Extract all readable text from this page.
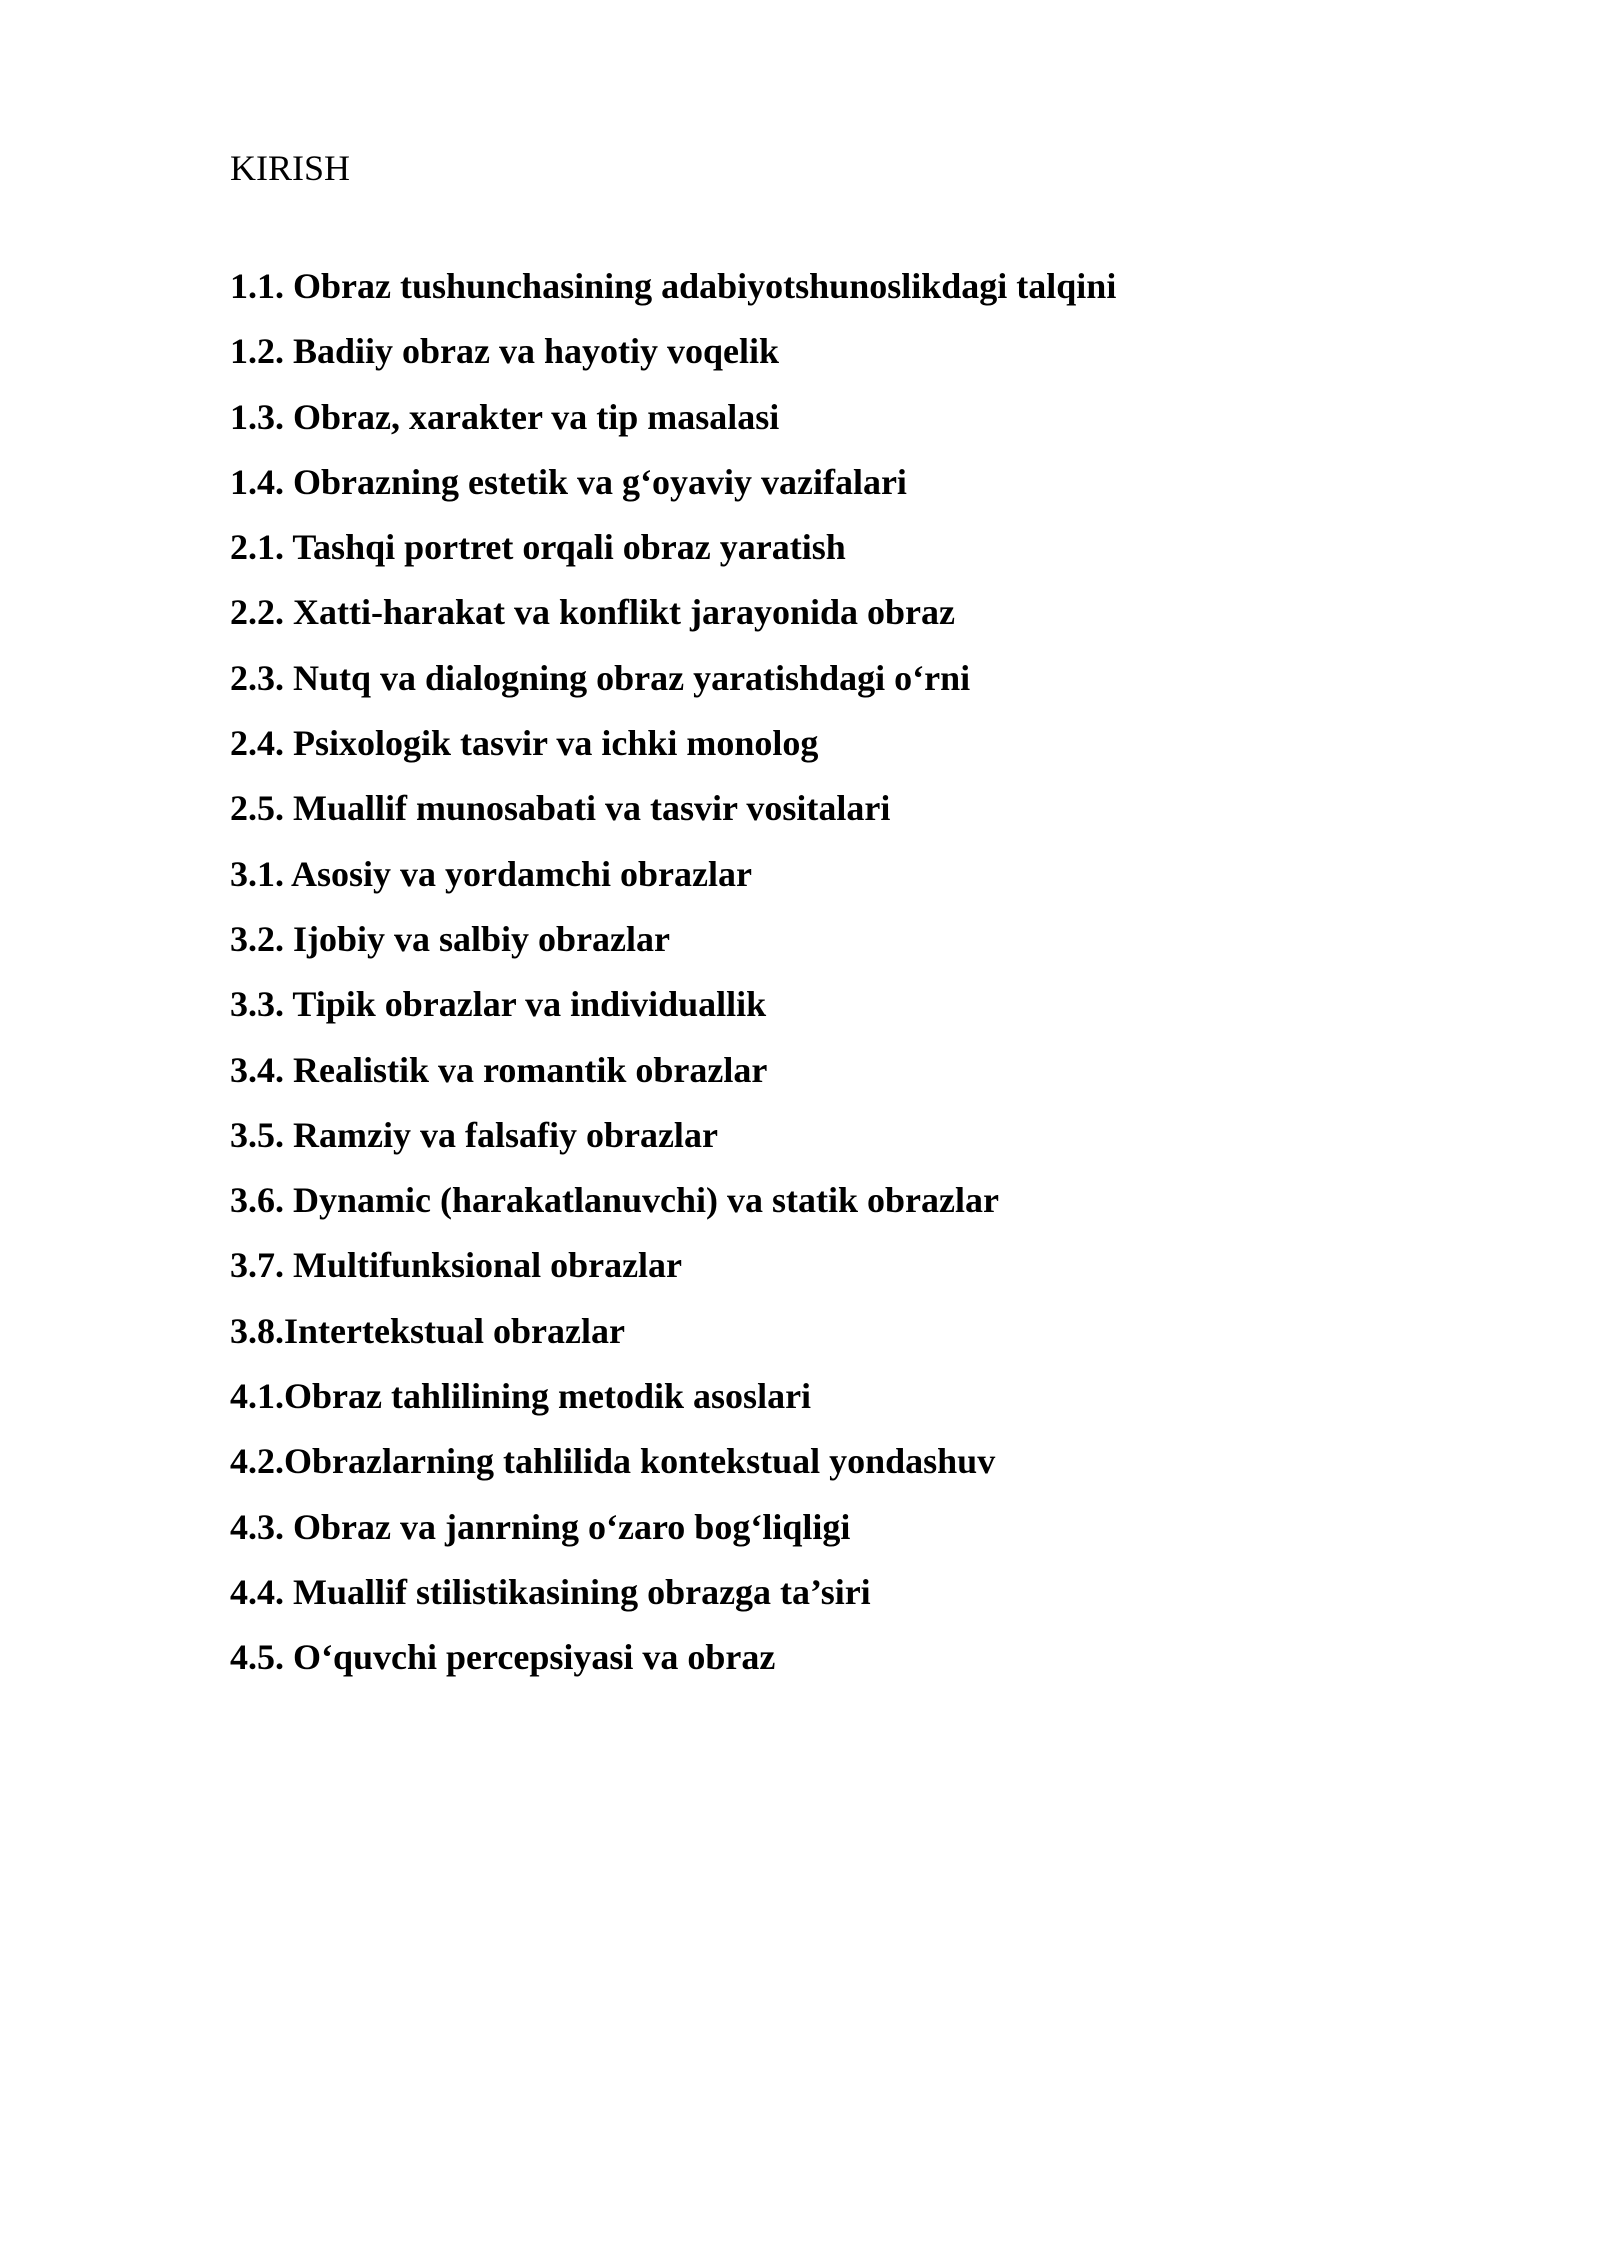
KIRISH
1.1. Obraz tushunchasining adabiyotshunoslikdagi talqini
1.2. Badiiy obraz va hayotiy voqelik
1.3. Obraz, xarakter va tip masalasi
1.4. Obrazning estetik va g‘oyaviy vazifalari
2.1. Tashqi portret orqali obraz yaratish
2.2. Xatti-harakat va konflikt jarayonida obraz
2.3. Nutq va dialogning obraz yaratishdagi o‘rni
2.4. Psixologik tasvir va ichki monolog
2.5. Muallif munosabati va tasvir vositalari
3.1. Asosiy va yordamchi obrazlar
3.2. Ijobiy va salbiy obrazlar
3.3. Tipik obrazlar va individuallik
3.4. Realistik va romantik obrazlar
3.5. Ramziy va falsafiy obrazlar
3.6. Dynamic (harakatlanuvchi) va statik obrazlar
3.7. Multifunksional obrazlar
3.8.Intertekstual obrazlar
4.1.Obraz tahlilining metodik asoslari
4.2.Obrazlarning tahlilida kontekstual yondashuv
4.3. Obraz va janrning o‘zaro bog‘liqligi
4.4. Muallif stilistikasining obrazga ta’siri
4.5. O‘quvchi percepsiyasi va obraz
